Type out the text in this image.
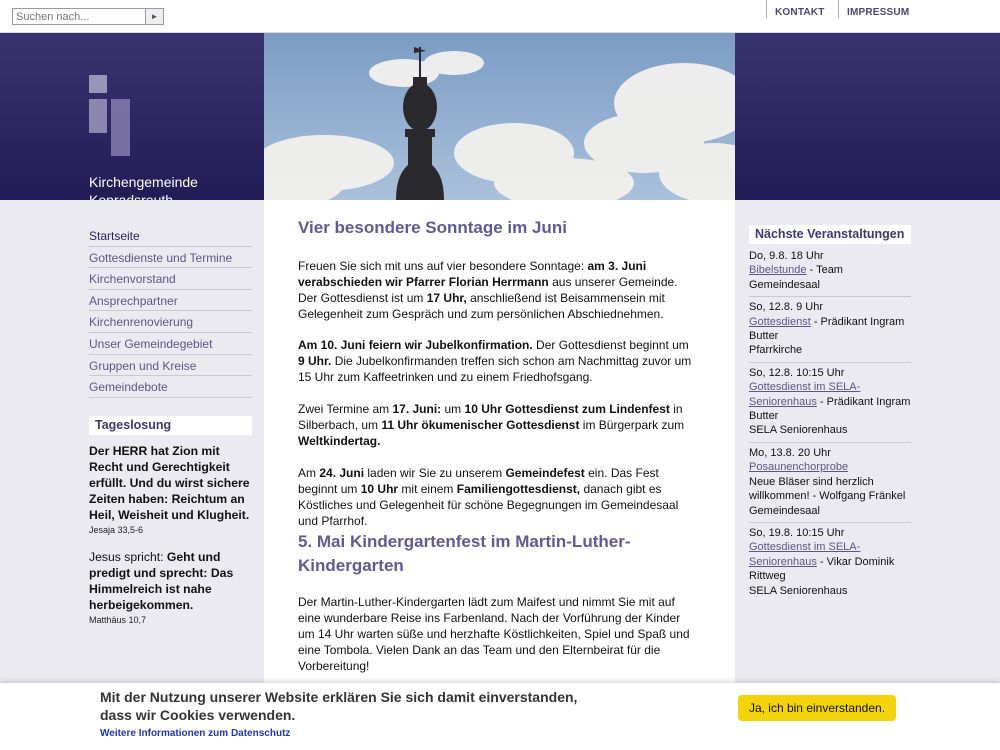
Suchen nach...
►	KONTAKT	IMPRESSUM
Kirchengemeinde
Startseite
Gottesdienste und Termine
Kirchenvorstand
Ansprechpartner
Kirchenrenovierung
Unser Gemeindegebiet
Gruppen und Kreise
Gemeindebote
Tageslosung
Der HERR hat Zion mit Recht und Gerechtigkeit erfüllt. Und du wirst sichere Zeiten haben: Reichtum an Heil, Weisheit und Klugheit.
Jesaja 33,5-6
Jesus spricht: Geht und predigt und sprecht: Das Himmelreich ist nahe herbeigekommen.
Matthäus 10,7
Vier besondere Sonntage im Juni
Freuen Sie sich mit uns auf vier besondere Sonntage: am 3. Juni verabschieden wir Pfarrer Florian Herrmann aus unserer Gemeinde. Der Gottesdienst ist um 17 Uhr, anschließend ist Beisammensein mit Gelegenheit zum Gespräch und zum persönlichen Abschiednehmen.
Am 10. Juni feiern wir Jubelkonfirmation. Der Gottesdienst beginnt um 9 Uhr. Die Jubelkonfirmanden treffen sich schon am Nachmittag zuvor um 15 Uhr zum Kaffeetrinken und zu einem Friedhofsgang.
Zwei Termine am 17. Juni: um 10 Uhr Gottesdienst zum Lindenfest in Silberbach, um 11 Uhr ökumenischer Gottesdienst im Bürgerpark zum Weltkindertag.
Am 24. Juni laden wir Sie zu unserem Gemeindefest ein. Das Fest beginnt um 10 Uhr mit einem Familiengottesdienst, danach gibt es Köstliches und Gelegenheit für schöne Begegnungen im Gemeindesaal und Pfarrhof.
5. Mai Kindergartenfest im Martin-Luther-Kindergarten
Der Martin-Luther-Kindergarten lädt zum Maifest und nimmt Sie mit auf eine wunderbare Reise ins Farbenland. Nach der Vorführung der Kinder um 14 Uhr warten süße und herzhafte Köstlichkeiten, Spiel und Spaß und eine Tombola. Vielen Dank an das Team und den Elternbeirat für die Vorbereitung!
Nächste Veranstaltungen
Do, 9.8. 18 Uhr
Bibelstunde - Team
Gemeindesaal
So, 12.8. 9 Uhr
Gottesdienst - Prädikant Ingram Butter
Pfarrkirche
So, 12.8. 10:15 Uhr
Gottesdienst im SELA-Seniorenhaus - Prädikant Ingram Butter
SELA Seniorenhaus
Mo, 13.8. 20 Uhr
Posaunenchorprobe
Neue Bläser sind herzlich willkommen! - Wolfgang Fränkel
Gemeindesaal
So, 19.8. 10:15 Uhr
Gottesdienst im SELA-Seniorenhaus - Vikar Dominik Rittweg
SELA Seniorenhaus
Mit der Nutzung unserer Website erklären Sie sich damit einverstanden, dass wir Cookies verwenden.
Weitere Informationen zum Datenschutz
Ja, ich bin einverstanden.
